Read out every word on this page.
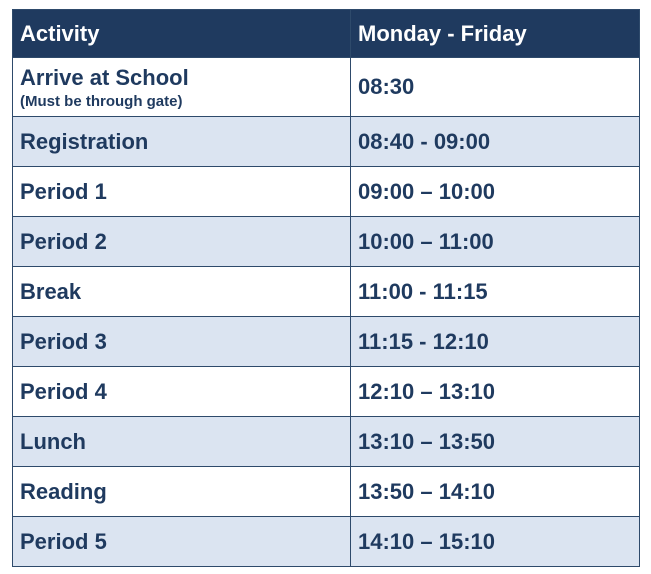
Activity	Monday - Friday
Arrive at School
(Must be through gate)	08:30
Registration	08:40 - 09:00
Period 1	09:00 – 10:00
Period 2	10:00 – 11:00
Break	11:00 - 11:15
Period 3	11:15 - 12:10
Period 4	12:10 – 13:10
Lunch	13:10 – 13:50
Reading	13:50 – 14:10
Period 5	14:10 – 15:10
